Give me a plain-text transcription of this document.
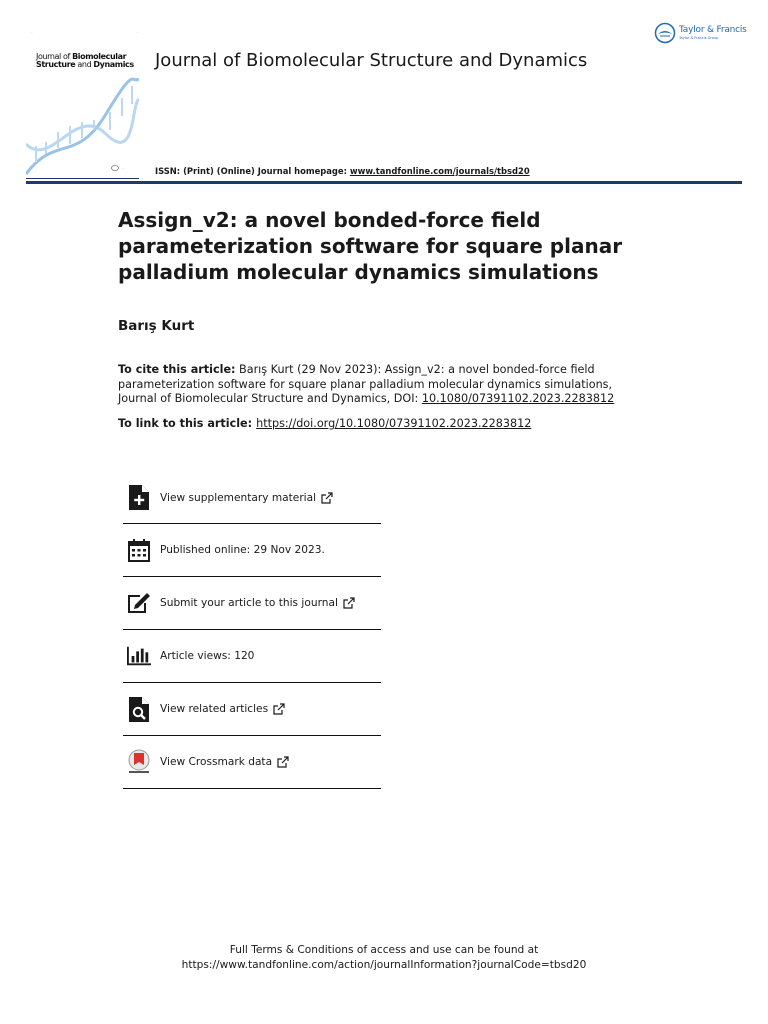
···	···
Journal of Biomolecular
Structure and Dynamics Journal of Biomolecular Structure and Dynamics
Taylor & Francis
Taylor & Francis Group
····	ISSN: (Print) (Online) Journal homepage: www.tandfonline.com/journals/tbsd20
Assign_v2: a novel bonded-force field parameterization software for square planar palladium molecular dynamics simulations
Barış Kurt
To cite this article: Barış Kurt (29 Nov 2023): Assign_v2: a novel bonded-force field parameterization software for square planar palladium molecular dynamics simulations, Journal of Biomolecular Structure and Dynamics, DOI: 10.1080/07391102.2023.2283812
To link to this article: https://doi.org/10.1080/07391102.2023.2283812
View supplementary material
Published online: 29 Nov 2023.
Submit your article to this journal
Article views: 120
View related articles
View Crossmark data
Full Terms & Conditions of access and use can be found at
https://www.tandfonline.com/action/journalInformation?journalCode=tbsd20
